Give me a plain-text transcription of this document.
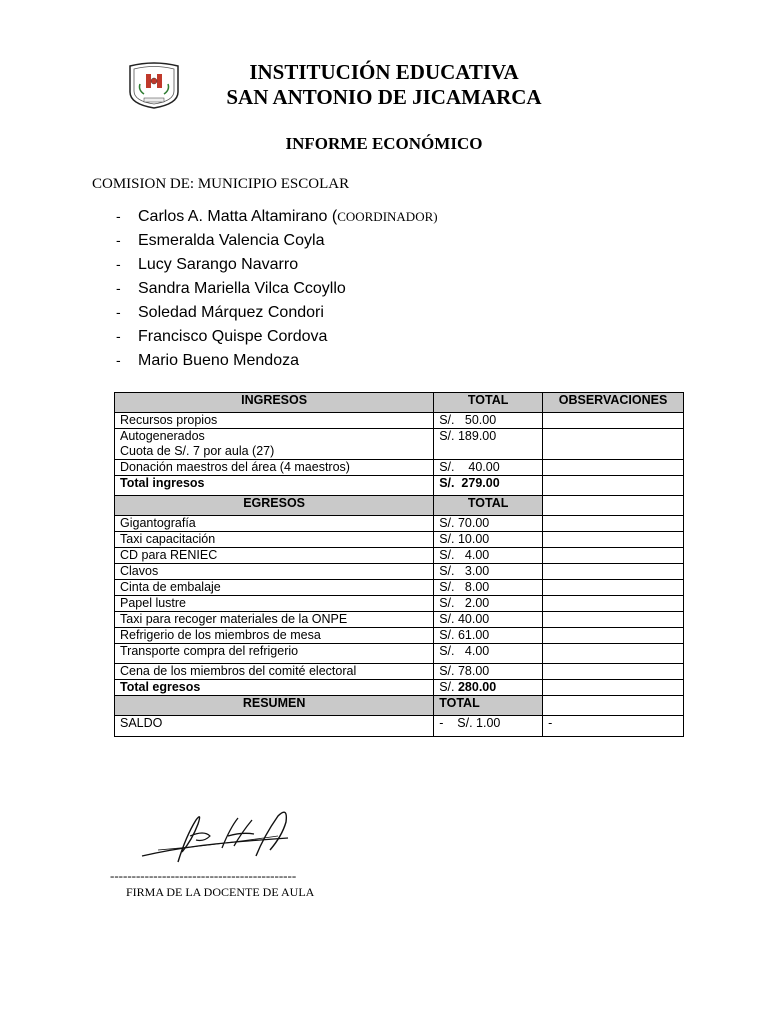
INSTITUCIÓN EDUCATIVA
SAN ANTONIO DE JICAMARCA
INFORME ECONÓMICO
COMISION DE: MUNICIPIO ESCOLAR
-	Carlos A. Matta Altamirano ( COORDINADOR)
-	Esmeralda Valencia Coyla
-	Lucy Sarango Navarro
-	Sandra Mariella Vilca Ccoyllo
-	Soledad Márquez Condori
-	Francisco Quispe Cordova
-	Mario Bueno Mendoza
INGRESOS	TOTAL	OBSERVACIONES
Recursos propios	S/.   50.00	

Autogenerados
Cuota de S/. 7 por aula (27)	S/. 189.00	
Donación maestros del área (4 maestros)	S/.    40.00	
Total ingresos	S/.  279.00	
EGRESOS	TOTAL	
Gigantografía	S/. 70.00	
Taxi capacitación	S/. 10.00	
CD para RENIEC	S/.   4.00	
Clavos	S/.   3.00	
Cinta de embalaje	S/.   8.00	
Papel lustre	S/.   2.00	
Taxi para recoger materiales de la ONPE	S/. 40.00	
Refrigerio de los miembros de mesa	S/. 61.00	
Transporte compra del refrigerio	S/.   4.00	
Cena de los miembros del comité electoral	S/. 78.00	
Total egresos	S/. 280.00	
RESUMEN	TOTAL	
SALDO	-    S/. 1.00	-
-------------------------------------------
FIRMA DE LA DOCENTE DE AULA
